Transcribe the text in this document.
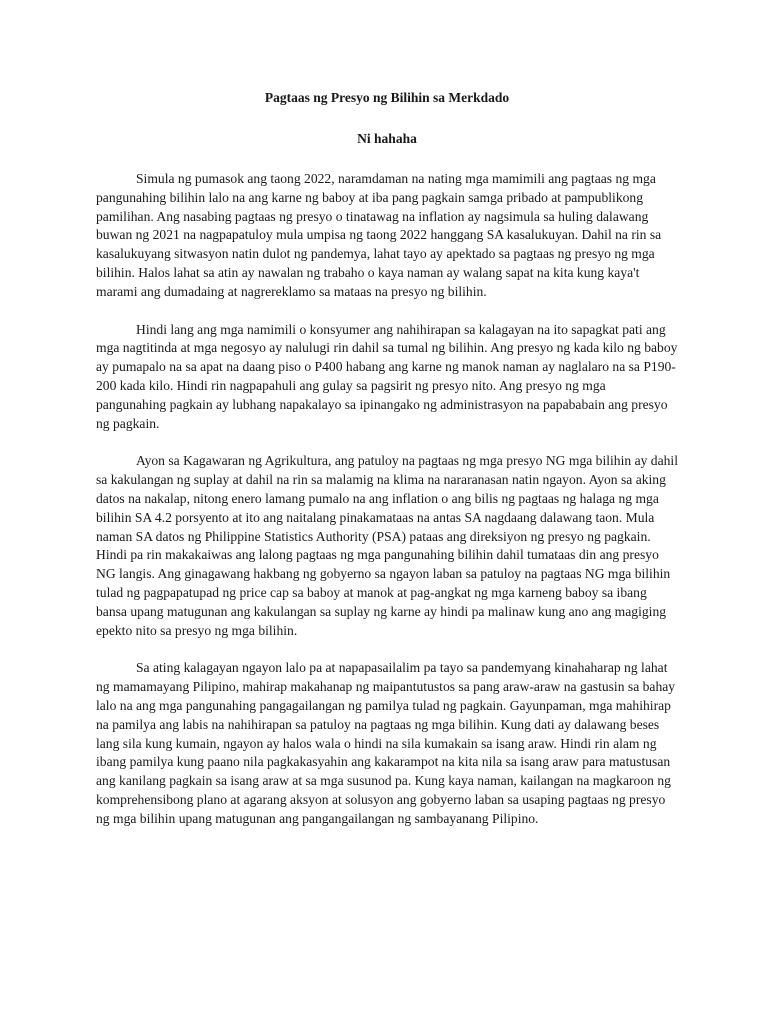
Pagtaas ng Presyo ng Bilihin sa Merkdado
Ni hahaha

Simula ng pumasok ang taong 2022, naramdaman na nating mga mamimili ang pagtaas ng mga pangunahing bilihin lalo na ang karne ng baboy at iba pang pagkain samga pribado at pampublikong pamilihan. Ang nasabing pagtaas ng presyo o tinatawag na inflation ay nagsimula sa huling dalawang buwan ng 2021 na nagpapatuloy mula umpisa ng taong 2022 hanggang SA kasalukuyan. Dahil na rin sa kasalukuyang sitwasyon natin dulot ng pandemya, lahat tayo ay apektado sa pagtaas ng presyo ng mga bilihin. Halos lahat sa atin ay nawalan ng trabaho o kaya naman ay walang sapat na kita kung kaya't marami ang dumadaing at nagrereklamo sa mataas na presyo ng bilihin.

Hindi lang ang mga namimili o konsyumer ang nahihirapan sa kalagayan na ito sapagkat pati ang mga nagtitinda at mga negosyo ay nalulugi rin dahil sa tumal ng bilihin. Ang presyo ng kada kilo ng baboy ay pumapalo na sa apat na daang piso o P400 habang ang karne ng manok naman ay naglalaro na sa P190-200 kada kilo. Hindi rin nagpapahuli ang gulay sa pagsirit ng presyo nito. Ang presyo ng mga pangunahing pagkain ay lubhang napakalayo sa ipinangako ng administrasyon na papababain ang presyo ng pagkain.

Ayon sa Kagawaran ng Agrikultura, ang patuloy na pagtaas ng mga presyo NG mga bilihin ay dahil sa kakulangan ng suplay at dahil na rin sa malamig na klima na nararanasan natin ngayon. Ayon sa aking datos na nakalap, nitong enero lamang pumalo na ang inflation o ang bilis ng pagtaas ng halaga ng mga bilihin SA 4.2 porsyento at ito ang naitalang pinakamataas na antas SA nagdaang dalawang taon. Mula naman SA datos ng Philippine Statistics Authority (PSA) pataas ang direksiyon ng presyo ng pagkain. Hindi pa rin makakaiwas ang lalong pagtaas ng mga pangunahing bilihin dahil tumataas din ang presyo NG langis. Ang ginagawang hakbang ng gobyerno sa ngayon laban sa patuloy na pagtaas NG mga bilihin tulad ng pagpapatupad ng price cap sa baboy at manok at pag-angkat ng mga karneng baboy sa ibang bansa upang matugunan ang kakulangan sa suplay ng karne ay hindi pa malinaw kung ano ang magiging epekto nito sa presyo ng mga bilihin.

Sa ating kalagayan ngayon lalo pa at napapasailalim pa tayo sa pandemyang kinahaharap ng lahat ng mamamayang Pilipino, mahirap makahanap ng maipantutustos sa pang araw-araw na gastusin sa bahay lalo na ang mga pangunahing pangagailangan ng pamilya tulad ng pagkain. Gayunpaman, mga mahihirap na pamilya ang labis na nahihirapan sa patuloy na pagtaas ng mga bilihin. Kung dati ay dalawang beses lang sila kung kumain, ngayon ay halos wala o hindi na sila kumakain sa isang araw. Hindi rin alam ng ibang pamilya kung paano nila pagkakasyahin ang kakarampot na kita nila sa isang araw para matustusan ang kanilang pagkain sa isang araw at sa mga susunod pa. Kung kaya naman, kailangan na magkaroon ng komprehensibong plano at agarang aksyon at solusyon ang gobyerno laban sa usaping pagtaas ng presyo ng mga bilihin upang matugunan ang pangangailangan ng sambayanang Pilipino.
